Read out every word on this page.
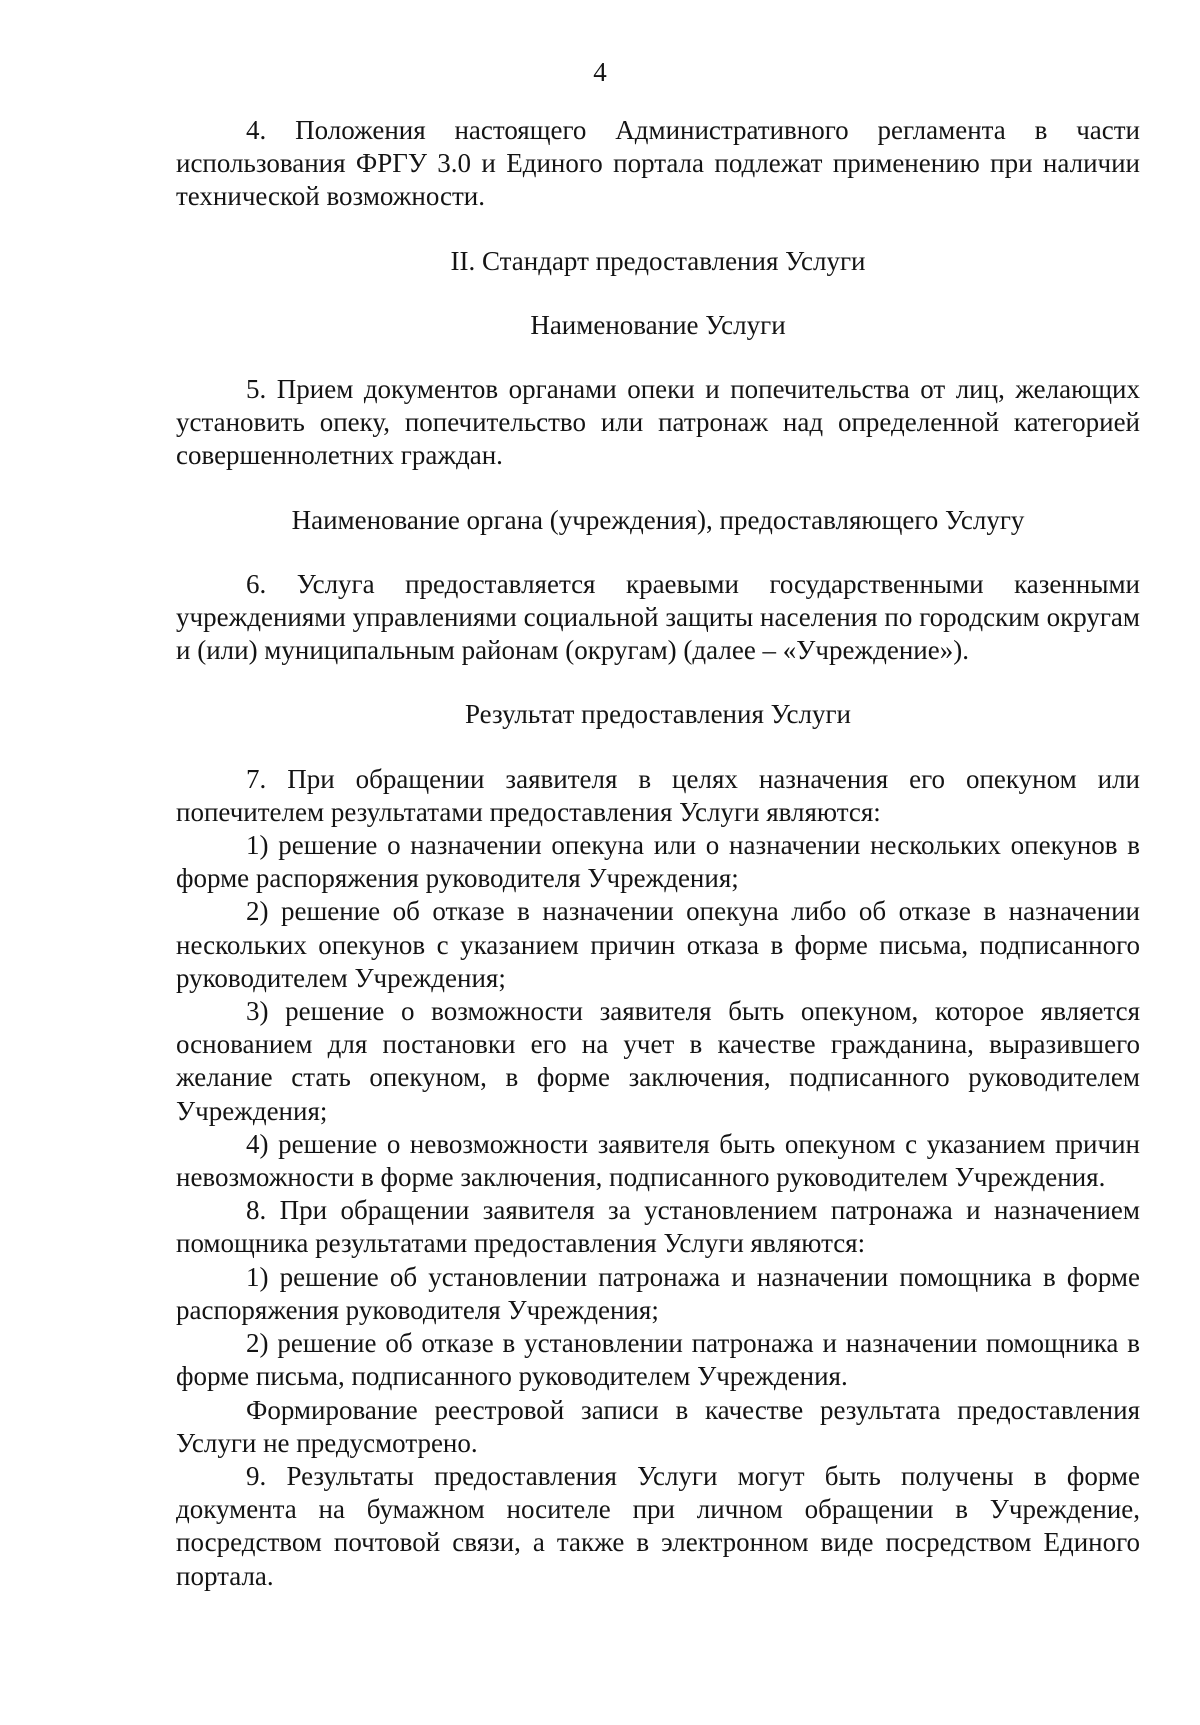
4

4. Положения настоящего Административного регламента в части использования ФРГУ 3.0 и Единого портала подлежат применению при наличии технической возможности.

II. Стандарт предоставления Услуги
Наименование Услуги

5. Прием документов органами опеки и попечительства от лиц, желающих установить опеку, попечительство или патронаж над определенной категорией совершеннолетних граждан.

Наименование органа (учреждения), предоставляющего Услугу

6. Услуга предоставляется краевыми государственными казенными учреждениями управлениями социальной защиты населения по городским округам и (или) муниципальным районам (округам) (далее – «Учреждение»).

Результат предоставления Услуги

7. При обращении заявителя в целях назначения его опекуном или попечителем результатами предоставления Услуги являются:

1) решение о назначении опекуна или о назначении нескольких опекунов в форме распоряжения руководителя Учреждения;

2) решение об отказе в назначении опекуна либо об отказе в назначении нескольких опекунов с указанием причин отказа в форме письма, подписанного руководителем Учреждения;

3) решение о возможности заявителя быть опекуном, которое является основанием для постановки его на учет в качестве гражданина, выразившего желание стать опекуном, в форме заключения, подписанного руководителем Учреждения;

4) решение о невозможности заявителя быть опекуном с указанием причин невозможности в форме заключения, подписанного руководителем Учреждения.

8. При обращении заявителя за установлением патронажа и назначением помощника результатами предоставления Услуги являются:

1) решение об установлении патронажа и назначении помощника в форме распоряжения руководителя Учреждения;

2) решение об отказе в установлении патронажа и назначении помощника в форме письма, подписанного руководителем Учреждения.

Формирование реестровой записи в качестве результата предоставления Услуги не предусмотрено.

9. Результаты предоставления Услуги могут быть получены в форме документа на бумажном носителе при личном обращении в Учреждение, посредством почтовой связи, а также в электронном виде посредством Единого портала.
